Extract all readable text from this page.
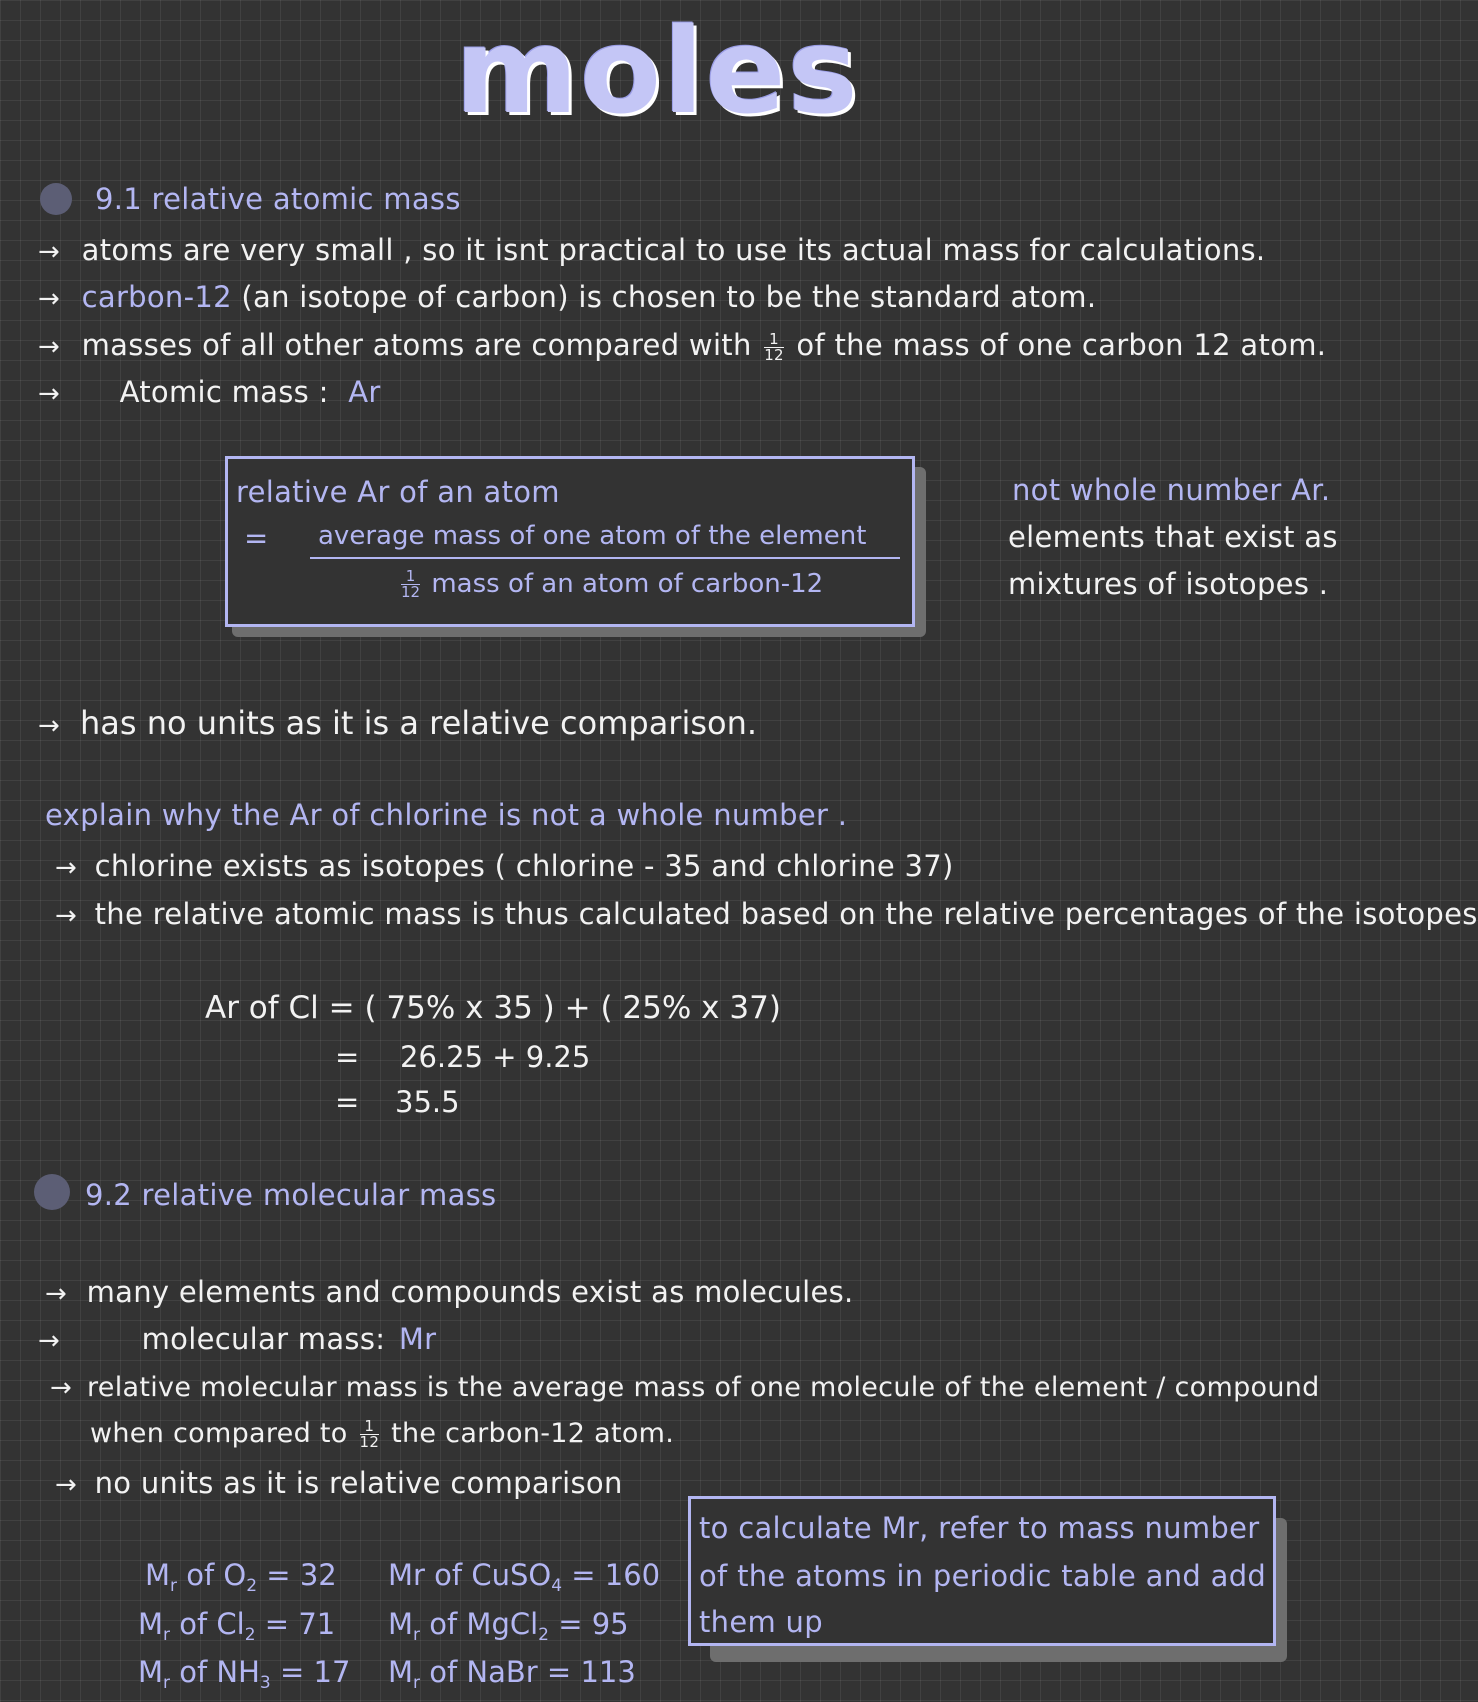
moles
9.1 relative atomic mass
→ atoms are very small , so it isnt practical to use its actual mass for calculations.
→ carbon-12 (an isotope of carbon) is chosen to be the standard atom.
→ masses of all other atoms are compared with $\frac{1}{12}$ of the mass of one carbon 12 atom.
→ Atomic mass : Ar
relative Ar of an atom
= average mass of one atom of the element
$\frac{1}{12}$ mass of an atom of carbon-12
not whole number Ar.
elements that exist as
mixtures of isotopes .
→ has no units as it is a relative comparison.
explain why the Ar of chlorine is not a whole number .
→ chlorine exists as isotopes ( chlorine - 35 and chlorine 37)
→ the relative atomic mass is thus calculated based on the relative percentages of the isotopes
Ar of Cl = ( 75% x 35 ) + ( 25% x 37)
= 26.25 + 9.25
= 35.5
9.2 relative molecular mass
→ many elements and compounds exist as molecules.
→	molecular mass: Mr
→ relative molecular mass is the average mass of one molecule of the element / compound
when compared to $\frac{1}{12}$ the carbon-12 atom.
→ no units as it is relative comparison
$M_r$ of $O_2 = 32$
$M_r$ of $Cl_2 = 71$
$M_r$ of $NH_3 = 17$
Mr of CuSO$_4$ = 160
$M_r$ of MgCl$_2$ = 95
$M_r$ of NaBr = 113
to calculate Mr, refer to mass number
of the atoms in periodic table and add
them up
